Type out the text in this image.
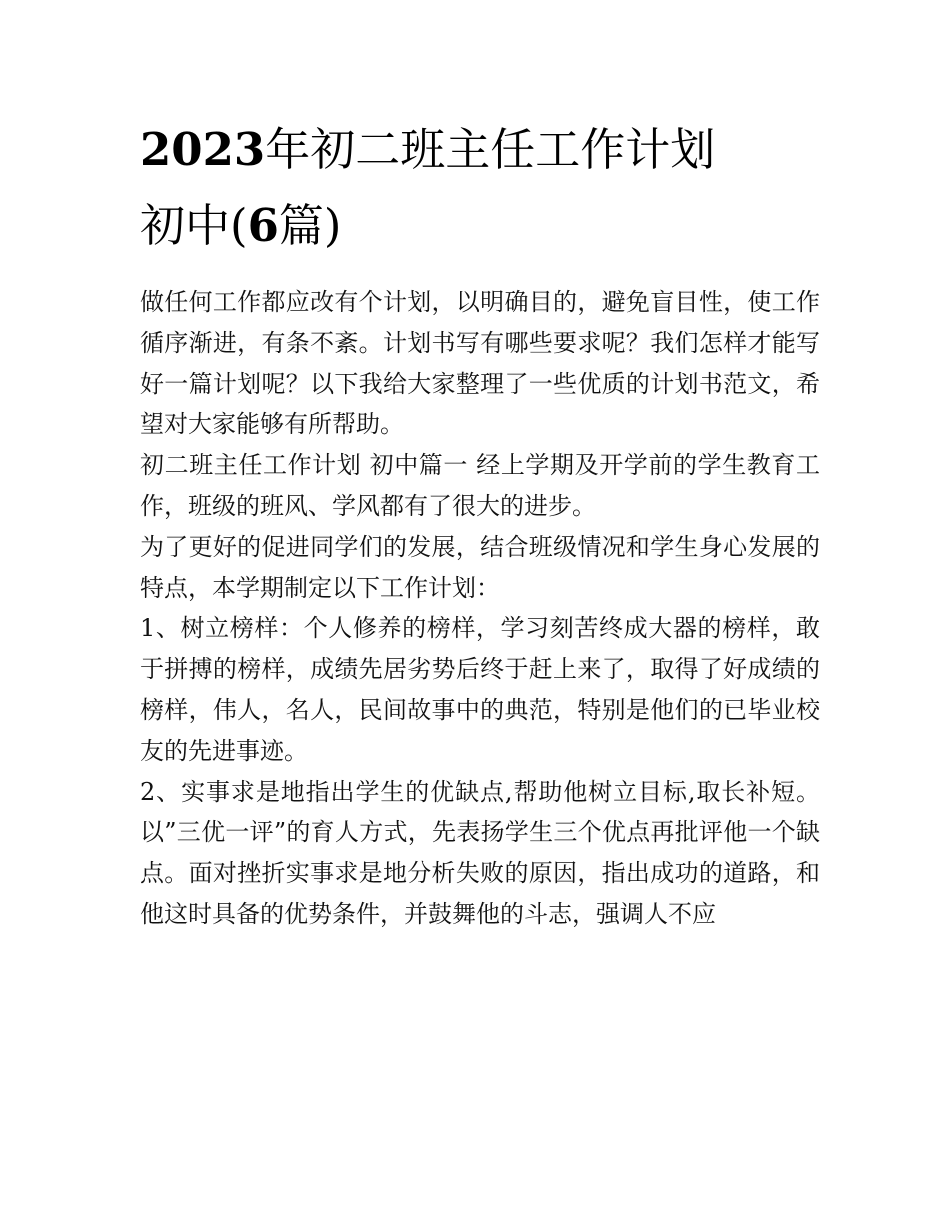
2023年初二班主任工作计划
初中(6篇)

做任何工作都应改有个计划，以明确目的，避免盲目性，使工作循序渐进，有条不紊。计划书写有哪些要求呢？我们怎样才能写好一篇计划呢？以下我给大家整理了一些优质的计划书范文，希望对大家能够有所帮助。

初二班主任工作计划 初中篇一 经上学期及开学前的学生教育工作，班级的班风、学风都有了很大的进步。

为了更好的促进同学们的发展，结合班级情况和学生身心发展的特点，本学期制定以下工作计划：

1、树立榜样：个人修养的榜样，学习刻苦终成大器的榜样，敢于拼搏的榜样，成绩先居劣势后终于赶上来了，取得了好成绩的榜样，伟人，名人，民间故事中的典范，特别是他们的已毕业校友的先进事迹。

2、实事求是地指出学生的优缺点,帮助他树立目标,取长补短。以”三优一评”的育人方式，先表扬学生三个优点再批评他一个缺点。面对挫折实事求是地分析失败的原因，指出成功的道路，和他这时具备的优势条件，并鼓舞他的斗志，强调人不应
